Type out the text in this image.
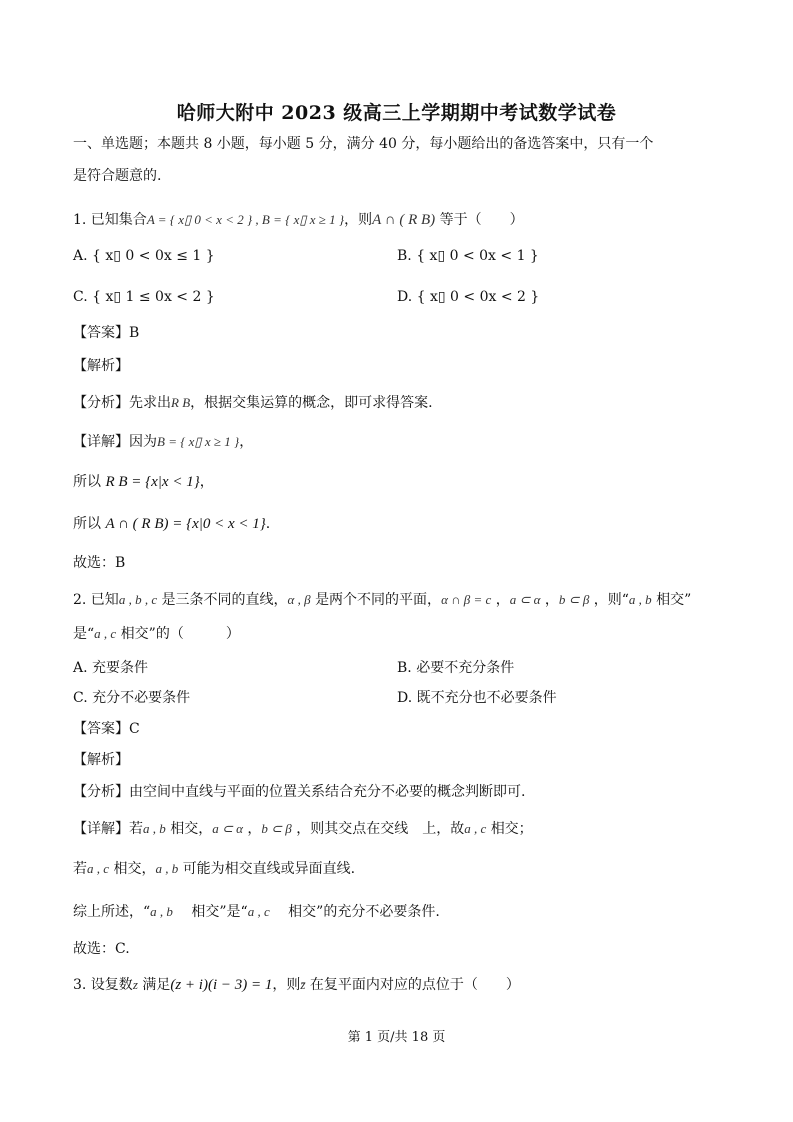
哈师大附中 2023 级高三上学期期中考试数学试卷
一、单选题；本题共 8 小题，每小题 5 分，满分 40 分，每小题给出的备选答案中，只有一个
是符合题意的.
1. 已知集合A = { x▯ 0 < x < 2 } , B = { x▯ x ≥ 1 }，则A ∩ ( R B) 等于（　　）
A. { x▯ 0 < 0x ≤ 1 }	B. { x▯ 0 < 0x < 1 }
C. { x▯ 1 ≤ 0x < 2 }	D. { x▯ 0 < 0x < 2 }
【答案】B
【解析】
【分析】先求出R B，根据交集运算的概念，即可求得答案.
【详解】因为B = { x▯ x ≥ 1 }，
所以 R B = {x|x < 1}，
所以 A ∩ ( R B) = {x|0 < x < 1}.
故选：B
2. 已知a , b , c 是三条不同的直线，α , β 是两个不同的平面，α ∩ β = c ，a ⊂ α ，b ⊂ β ，则“a , b 相交”
是“a , c 相交”的（　　　）
A. 充要条件	B. 必要不充分条件
C. 充分不必要条件	D. 既不充分也不必要条件
【答案】C
【解析】
【分析】由空间中直线与平面的位置关系结合充分不必要的概念判断即可.
【详解】若a , b 相交，a ⊂ α ，b ⊂ β ，则其交点在交线　上，故a , c 相交；
若a , c 相交，a , b 可能为相交直线或异面直线.
综上所述，“a , b 　相交”是“a , c 　相交”的充分不必要条件.
故选：C.
3. 设复数z 满足(z + i)(i − 3) = 1，则z̄ 在复平面内对应的点位于（　　）
第 1 页/共 18 页
